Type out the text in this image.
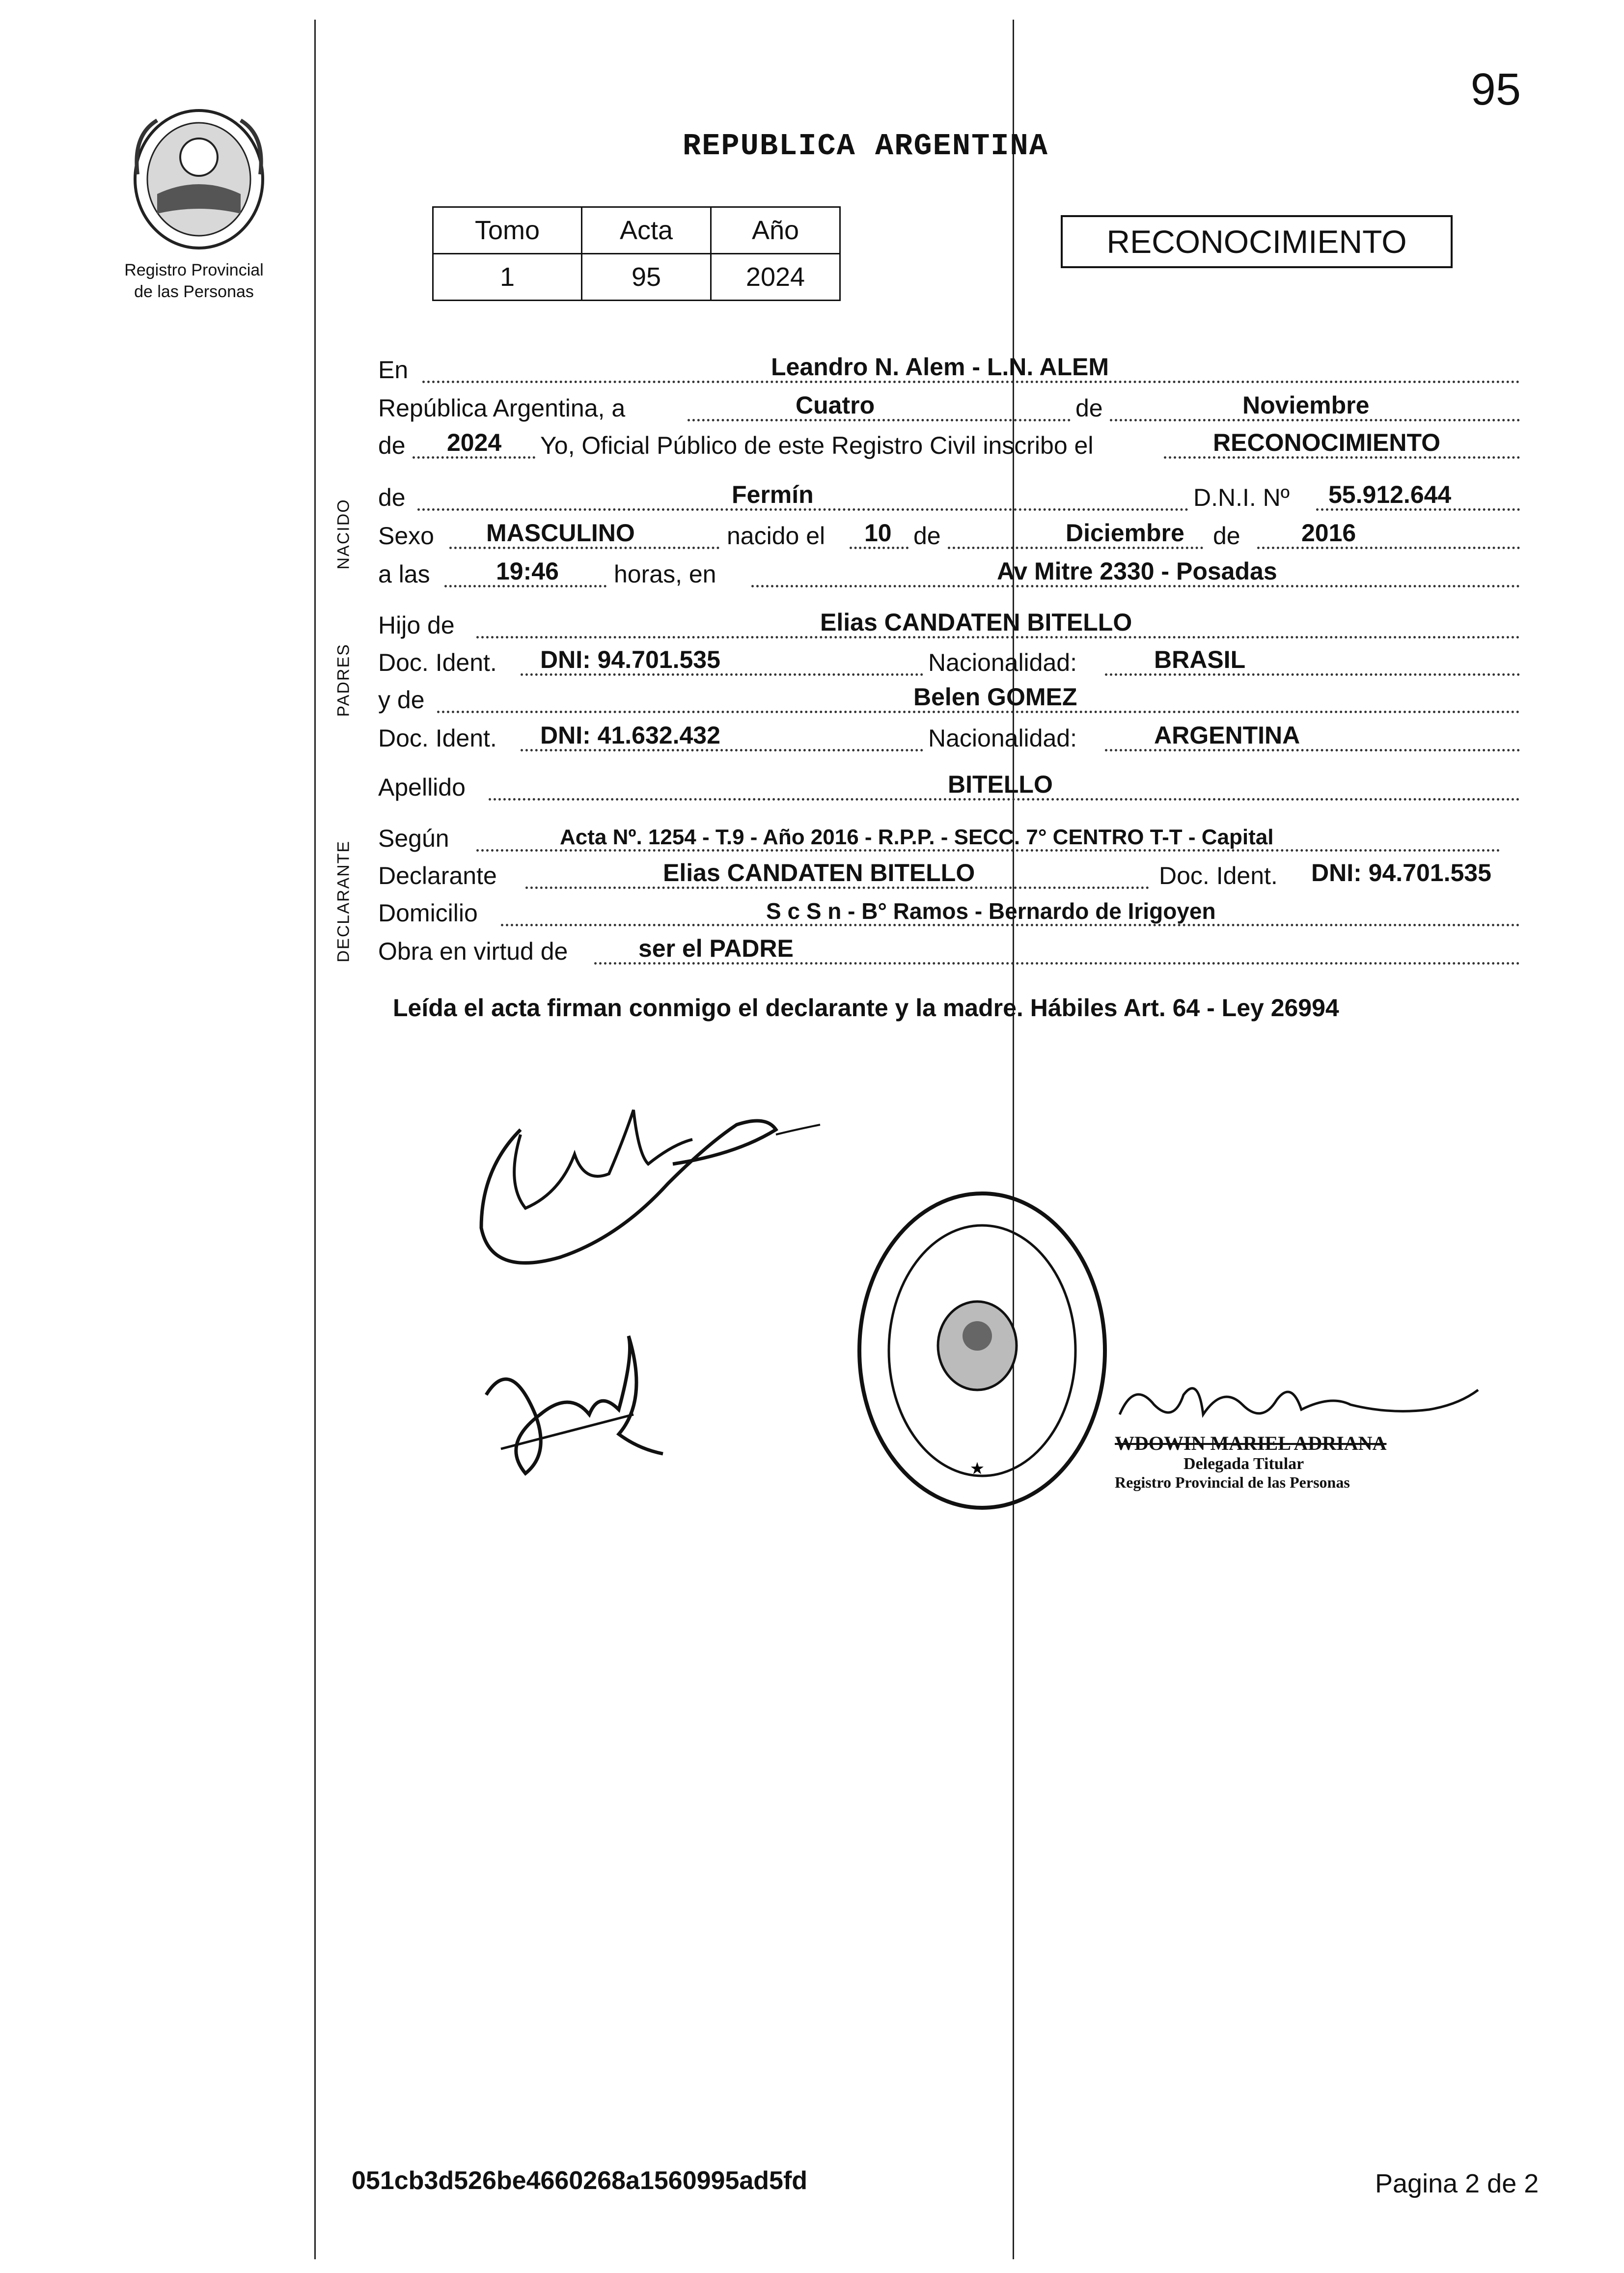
95
Registro Provincial
de las Personas
REPUBLICA ARGENTINA
Tomo	Acta	Año
1	95	2024
RECONOCIMIENTO
NACIDO
PADRES
DECLARANTE
En	Leandro N. Alem - L.N. ALEM
República Argentina, a	Cuatro	de	Noviembre
de 2024 Yo, Oficial Público de este Registro Civil inscribo el	RECONOCIMIENTO
de	Fermín	D.N.I. Nº 55.912.644
Sexo MASCULINO	nacido el 10 de	Diciembre de 2016
a las	19:46 horas, en	Av Mitre 2330 - Posadas
Hijo de	Elias CANDATEN BITELLO
Doc. Ident. DNI: 94.701.535	Nacionalidad:	BRASIL
y de	Belen GOMEZ
Doc. Ident. DNI: 41.632.432	Nacionalidad:	ARGENTINA
Apellido	BITELLO
Según	Acta Nº. 1254 - T.9 - Año 2016 - R.P.P. - SECC. 7° CENTRO T-T - Capital
Declarante	Elias CANDATEN BITELLO	Doc. Ident. DNI: 94.701.535
Domicilio	S c S n - B° Ramos - Bernardo de Irigoyen
Obra en virtud de	ser el PADRE
Leída el acta firman conmigo el declarante y la madre. Hábiles Art. 64 - Ley 26994
★
WDOWIN MARIEL ADRIANA
Delegada Titular
Registro Provincial de las Personas
051cb3d526be4660268a1560995ad5fd	Pagina 2 de 2
